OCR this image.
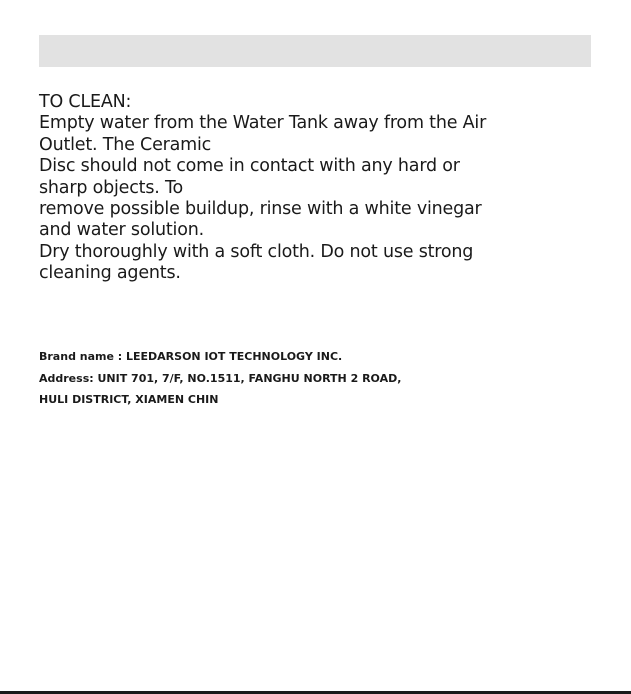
TO CLEAN:
Empty water from the Water Tank away from the Air
Outlet. The Ceramic
Disc should not come in contact with any hard or
sharp objects. To
remove possible buildup, rinse with a white vinegar
and water solution.
Dry thoroughly with a soft cloth. Do not use strong
cleaning agents.
Brand name : LEEDARSON IOT TECHNOLOGY INC.
Address: UNIT 701, 7/F, NO.1511, FANGHU NORTH 2 ROAD,
HULI DISTRICT, XIAMEN CHIN
